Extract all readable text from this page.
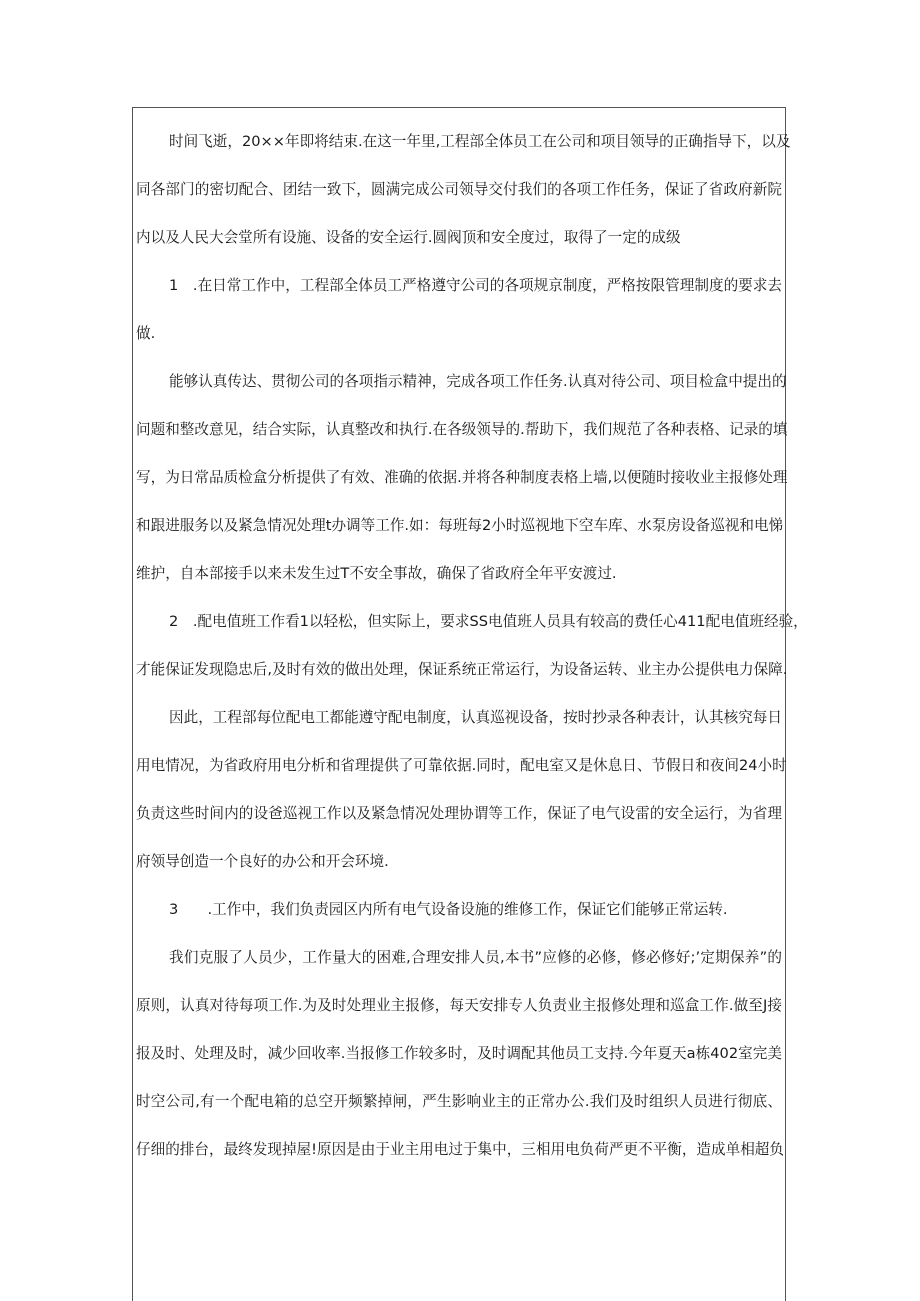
时间飞逝，20××年即将结束.在这一年里,工程部全体员工在公司和项目领导的正确指导下，以及
同各部门的密切配合、团结一致下，圆满完成公司领导交付我们的各项工作任务，保证了省政府新院
内以及人民大会堂所有设施、设备的安全运行.圆阀顶和安全度过，取得了一定的成级
1　.在日常工作中，工程部全体员工严格遵守公司的各项规京制度，严格按限管理制度的要求去
做.
能够认真传达、贯彻公司的各项指示精神，完成各项工作任务.认真对待公司、项目检盒中提出的
问题和整改意见，结合实际，认真整改和执行.在各级领导的.帮助下，我们规范了各种表格、记录的填
写，为日常品质检盒分析提供了有效、准确的依据.并将各种制度表格上墙,以便随时接收业主报修处理
和跟进服务以及紧急情况处理t办调等工作.如：每班每2小时巡视地下空车库、水泵房设备巡视和电悌
维护，自本部接手以来未发生过T不安全事故，确保了省政府全年平安渡过.
2　.配电值班工作看1以轻松，但实际上，要求SS电值班人员具有较高的费任心411配电值班经验，
才能保证发现隐忠后,及时有效的做出处理，保证系统正常运行，为设备运转、业主办公提供电力保障.
因此，工程部每位配电工都能遵守配电制度，认真巡视设备，按时抄录各种表计，认其核究每日
用电情况，为省政府用电分析和省理提供了可靠依据.同时，配电室又是休息日、节假日和夜间24小时
负责这些时间内的设爸巡视工作以及紧急情况处理协谓等工作，保证了电气设雷的安全运行，为省理
府领导创造一个良好的办公和开会环境.
3　　.工作中，我们负责园区内所有电气设备设施的维修工作，保证它们能够正常运转.
我们克服了人员少，工作量大的困难,合理安排人员,本书”应修的必修，修必修好;’定期保养”的
原则，认真对待每项工作.为及时处理业主报修，每天安排专人负责业主报修处理和巡盒工作.做至J接
报及时、处理及时，减少回收率.当报修工作较多时，及时调配其他员工支持.今年夏天a栋402室完美
时空公司,有一个配电箱的总空开频繁掉闸，严生影响业主的正常办公.我们及时组织人员进行彻底、
仔细的排台，最终发现掉屋!原因是由于业主用电过于集中，三相用电负荷严更不平衡，造成单相超负
